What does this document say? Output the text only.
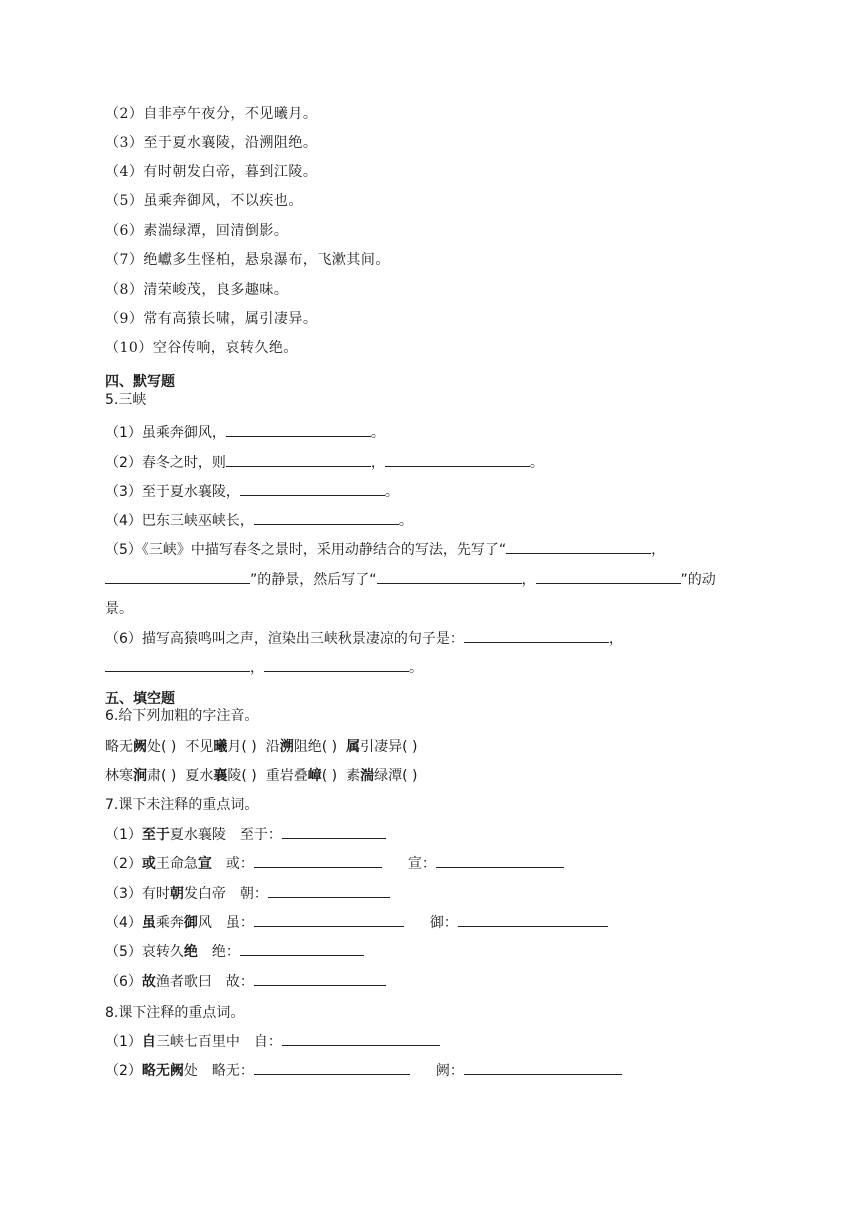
（2）自非亭午夜分，不见曦月。
（3）至于夏水襄陵，沿溯阻绝。
（4）有时朝发白帝，暮到江陵。
（5）虽乘奔御风，不以疾也。
（6）素湍绿潭，回清倒影。
（7）绝巘多生怪柏，悬泉瀑布，飞漱其间。
（8）清荣峻茂，良多趣味。
（9）常有高猿长啸，属引凄异。
（10）空谷传响，哀转久绝。
四、默写题
5.三峡
（1）虽乘奔御风，	。
（2）春冬之时，则	，	。
（3）至于夏水襄陵，	。
（4）巴东三峡巫峡长，	。
（5）《三峡》中描写春冬之景时，采用动静结合的写法，先写了“	，
”的静景，然后写了“	，	”的动
景。
（6）描写高猿鸣叫之声，渲染出三峡秋景凄凉的句子是：	，
，	。
五、填空题
6.给下列加粗的字注音。
略无阙处( ) 不见曦月( ) 沿溯阻绝( ) 属引凄异( )
林寒涧肃( ) 夏水襄陵( ) 重岩叠嶂( ) 素湍绿潭( )
7.课下未注释的重点词。
（1）至于夏水襄陵 至于：
（2）或王命急宣 或：	宣：
（3）有时朝发白帝 朝：
（4）虽乘奔御风 虽：	御：
（5）哀转久绝 绝：
（6）故渔者歌曰 故：
8.课下注释的重点词。
（1）自三峡七百里中 自：
（2）略无阙处 略无：	阙：
